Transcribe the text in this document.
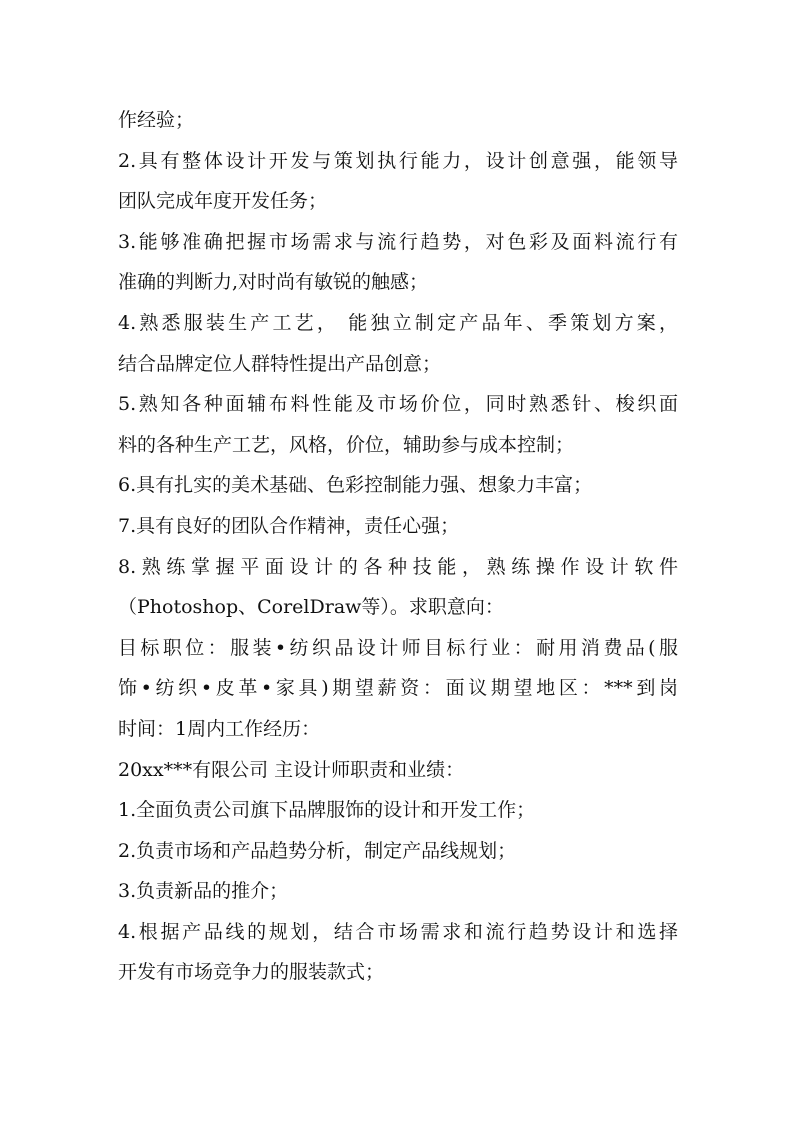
作经验；
2.具有整体设计开发与策划执行能力，设计创意强，能领导
团队完成年度开发任务；
3.能够准确把握市场需求与流行趋势，对色彩及面料流行有
准确的判断力,对时尚有敏锐的触感；
4.熟悉服装生产工艺， 能独立制定产品年、季策划方案，
结合品牌定位人群特性提出产品创意；
5.熟知各种面辅布料性能及市场价位，同时熟悉针、梭织面
料的各种生产工艺，风格，价位，辅助参与成本控制；
6.具有扎实的美术基础、色彩控制能力强、想象力丰富；
7.具有良好的团队合作精神，责任心强；
8.熟练掌握平面设计的各种技能，熟练操作设计软件
（Photoshop、CorelDraw等）。求职意向：
目标职位：服装•纺织品设计师目标行业：耐用消费品(服
饰•纺织•皮革•家具)期望薪资：面议期望地区：***到岗
时间：1周内工作经历：
20xx***有限公司 主设计师职责和业绩：
1.全面负责公司旗下品牌服饰的设计和开发工作；
2.负责市场和产品趋势分析，制定产品线规划；
3.负责新品的推介；
4.根据产品线的规划，结合市场需求和流行趋势设计和选择
开发有市场竞争力的服装款式；
